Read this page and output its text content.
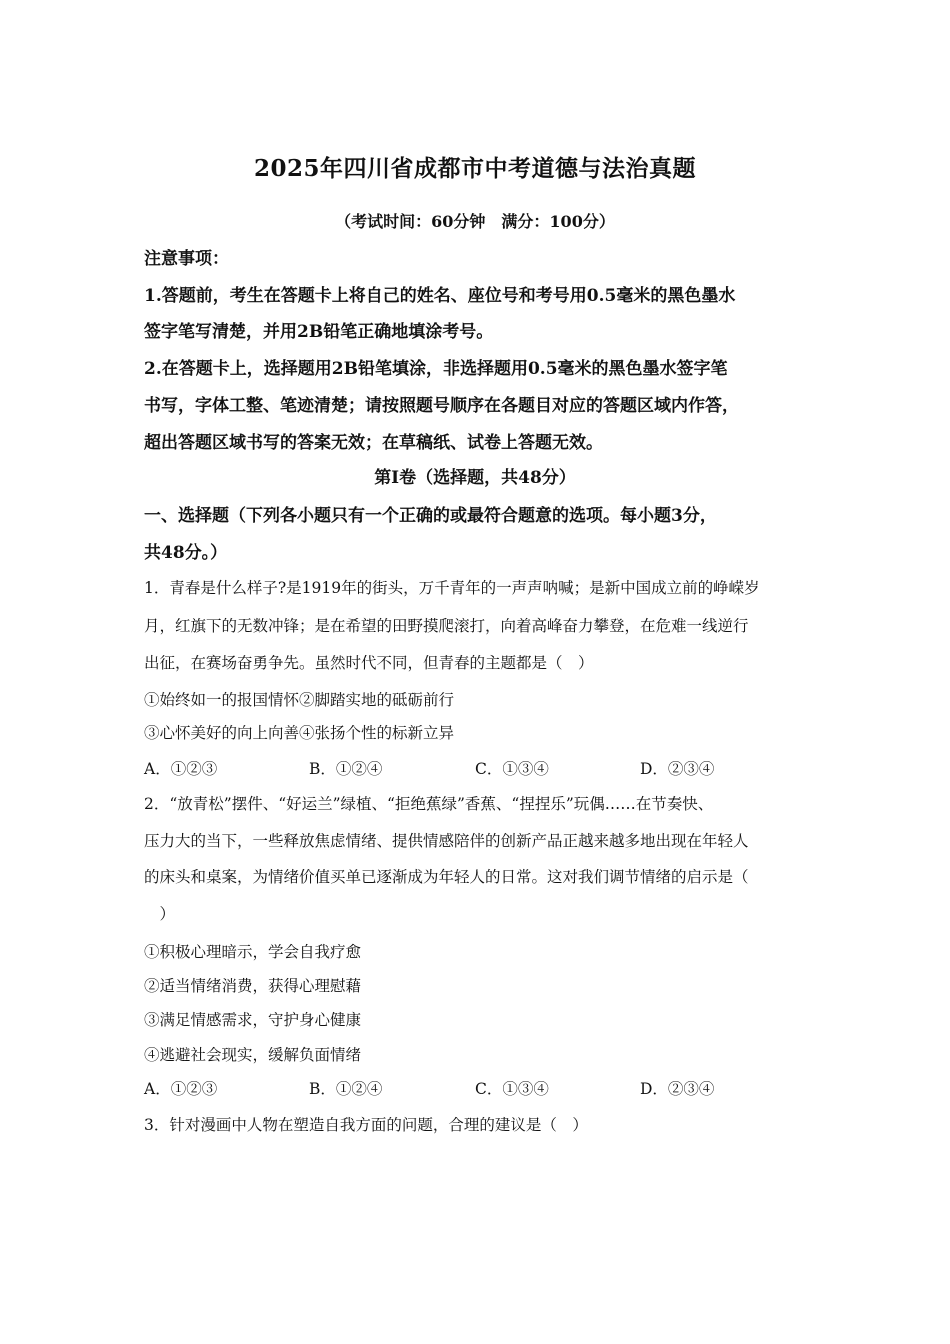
2025年四川省成都市中考道德与法治真题
（考试时间：60分钟　满分：100分）
注意事项：
1.答题前，考生在答题卡上将自己的姓名、座位号和考号用0.5毫米的黑色墨水
签字笔写清楚，并用2B铅笔正确地填涂考号。
2.在答题卡上，选择题用2B铅笔填涂，非选择题用0.5毫米的黑色墨水签字笔
书写，字体工整、笔迹清楚；请按照题号顺序在各题目对应的答题区域内作答，
超出答题区域书写的答案无效；在草稿纸、试卷上答题无效。
第I卷（选择题，共48分）
一、选择题（下列各小题只有一个正确的或最符合题意的选项。每小题3分，
共48分。）
1．青春是什么样子?是1919年的街头，万千青年的一声声呐喊；是新中国成立前的峥嵘岁
月，红旗下的无数冲锋；是在希望的田野摸爬滚打，向着高峰奋力攀登，在危难一线逆行
出征，在赛场奋勇争先。虽然时代不同，但青春的主题都是（　）
①始终如一的报国情怀②脚踏实地的砥砺前行
③心怀美好的向上向善④张扬个性的标新立异
A．①②③	B．①②④	C．①③④	D．②③④
2．“放青松”摆件、“好运兰”绿植、“拒绝蕉绿”香蕉、“捏捏乐”玩偶……在节奏快、
压力大的当下，一些释放焦虑情绪、提供情感陪伴的创新产品正越来越多地出现在年轻人
的床头和桌案，为情绪价值买单已逐渐成为年轻人的日常。这对我们调节情绪的启示是（
　）
①积极心理暗示，学会自我疗愈
②适当情绪消费，获得心理慰藉
③满足情感需求，守护身心健康
④逃避社会现实，缓解负面情绪
A．①②③	B．①②④	C．①③④	D．②③④
3．针对漫画中人物在塑造自我方面的问题，合理的建议是（　）
